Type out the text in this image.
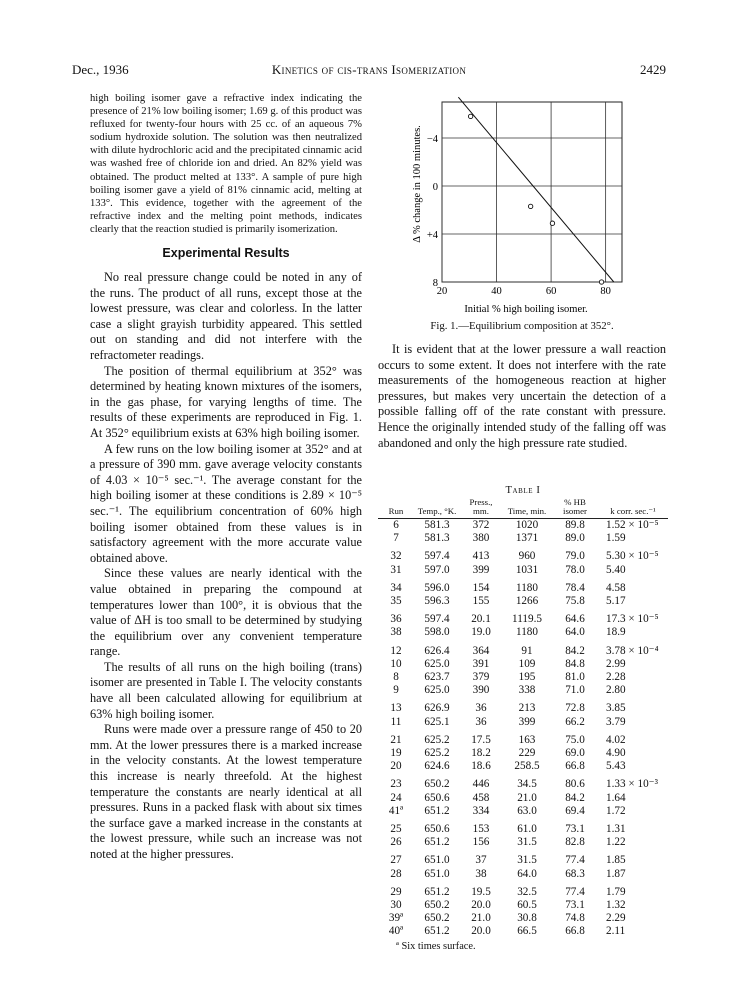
Dec., 1936	Kinetics of cis-trans Isomerization	2429

high boiling isomer gave a refractive index indicating the presence of 21% low boiling isomer; 1.69 g. of this product was refluxed for twenty-four hours with 25 cc. of an aqueous 7% sodium hydroxide solution. The solution was then neutralized with dilute hydrochloric acid and the precipitated cinnamic acid was washed free of chloride ion and dried. An 82% yield was obtained. The product melted at 133°. A sample of pure high boiling isomer gave a yield of 81% cinnamic acid, melting at 133°. This evidence, together with the agreement of the refractive index and the melting point methods, indicates clearly that the reaction studied is primarily isomerization.

Experimental Results

No real pressure change could be noted in any of the runs. The product of all runs, except those at the lowest pressure, was clear and colorless. In the latter case a slight grayish turbidity appeared. This settled out on standing and did not interfere with the refractometer readings.

The position of thermal equilibrium at 352° was determined by heating known mixtures of the isomers, in the gas phase, for varying lengths of time. The results of these experiments are reproduced in Fig. 1. At 352° equilibrium exists at 63% high boiling isomer.

A few runs on the low boiling isomer at 352° and at a pressure of 390 mm. gave average velocity constants of 4.03 × 10⁻⁵ sec.⁻¹. The average constant for the high boiling isomer at these conditions is 2.89 × 10⁻⁵ sec.⁻¹. The equilibrium concentration of 60% high boiling isomer obtained from these values is in satisfactory agreement with the more accurate value obtained above.

Since these values are nearly identical with the value obtained in preparing the compound at temperatures lower than 100°, it is obvious that the value of ΔH is too small to be determined by studying the equilibrium over any convenient temperature range.

The results of all runs on the high boiling (trans) isomer are presented in Table I. The velocity constants have all been calculated allowing for equilibrium at 63% high boiling isomer.

Runs were made over a pressure range of 450 to 20 mm. At the lower pressures there is a marked increase in the velocity constants. At the lowest temperature this increase is nearly threefold. At the highest temperature the constants are nearly identical at all pressures. Runs in a packed flask with about six times the surface gave a marked increase in the constants at the lowest pressure, while such an increase was not noted at the higher pressures.

20	40	60	80
8
+4
0
−4
Δ % change in 100 minutes.
Initial % high boiling isomer.
Fig. 1.—Equilibrium composition at 352°.

It is evident that at the lower pressure a wall reaction occurs to some extent. It does not interfere with the rate measurements of the homogeneous reaction at higher pressures, but makes very uncertain the detection of a possible falling off of the rate constant with pressure. Hence the originally intended study of the falling off was abandoned and only the high pressure rate studied.

Table I
Run	Temp., °K.	Press., mm.	Time, min.	% HB isomer	k corr. sec.⁻¹
6	581.3	372	1020	89.8	1.52 × 10⁻⁵
7	581.3	380	1371	89.0	1.59
32	597.4	413	960	79.0	5.30 × 10⁻⁵
31	597.0	399	1031	78.0	5.40
34	596.0	154	1180	78.4	4.58
35	596.3	155	1266	75.8	5.17
36	597.4	20.1	1119.5	64.6	17.3 × 10⁻⁵
38	598.0	19.0	1180	64.0	18.9
12	626.4	364	91	84.2	3.78 × 10⁻⁴
10	625.0	391	109	84.8	2.99
8	623.7	379	195	81.0	2.28
9	625.0	390	338	71.0	2.80
13	626.9	36	213	72.8	3.85
11	625.1	36	399	66.2	3.79
21	625.2	17.5	163	75.0	4.02
19	625.2	18.2	229	69.0	4.90
20	624.6	18.6	258.5	66.8	5.43
23	650.2	446	34.5	80.6	1.33 × 10⁻³
24	650.6	458	21.0	84.2	1.64
41ª	651.2	334	63.0	69.4	1.72
25	650.6	153	61.0	73.1	1.31
26	651.2	156	31.5	82.8	1.22
27	651.0	37	31.5	77.4	1.85
28	651.0	38	64.0	68.3	1.87
29	651.2	19.5	32.5	77.4	1.79
30	650.2	20.0	60.5	73.1	1.32
39ª	650.2	21.0	30.8	74.8	2.29
40ª	651.2	20.0	66.5	66.8	2.11
ª Six times surface.
